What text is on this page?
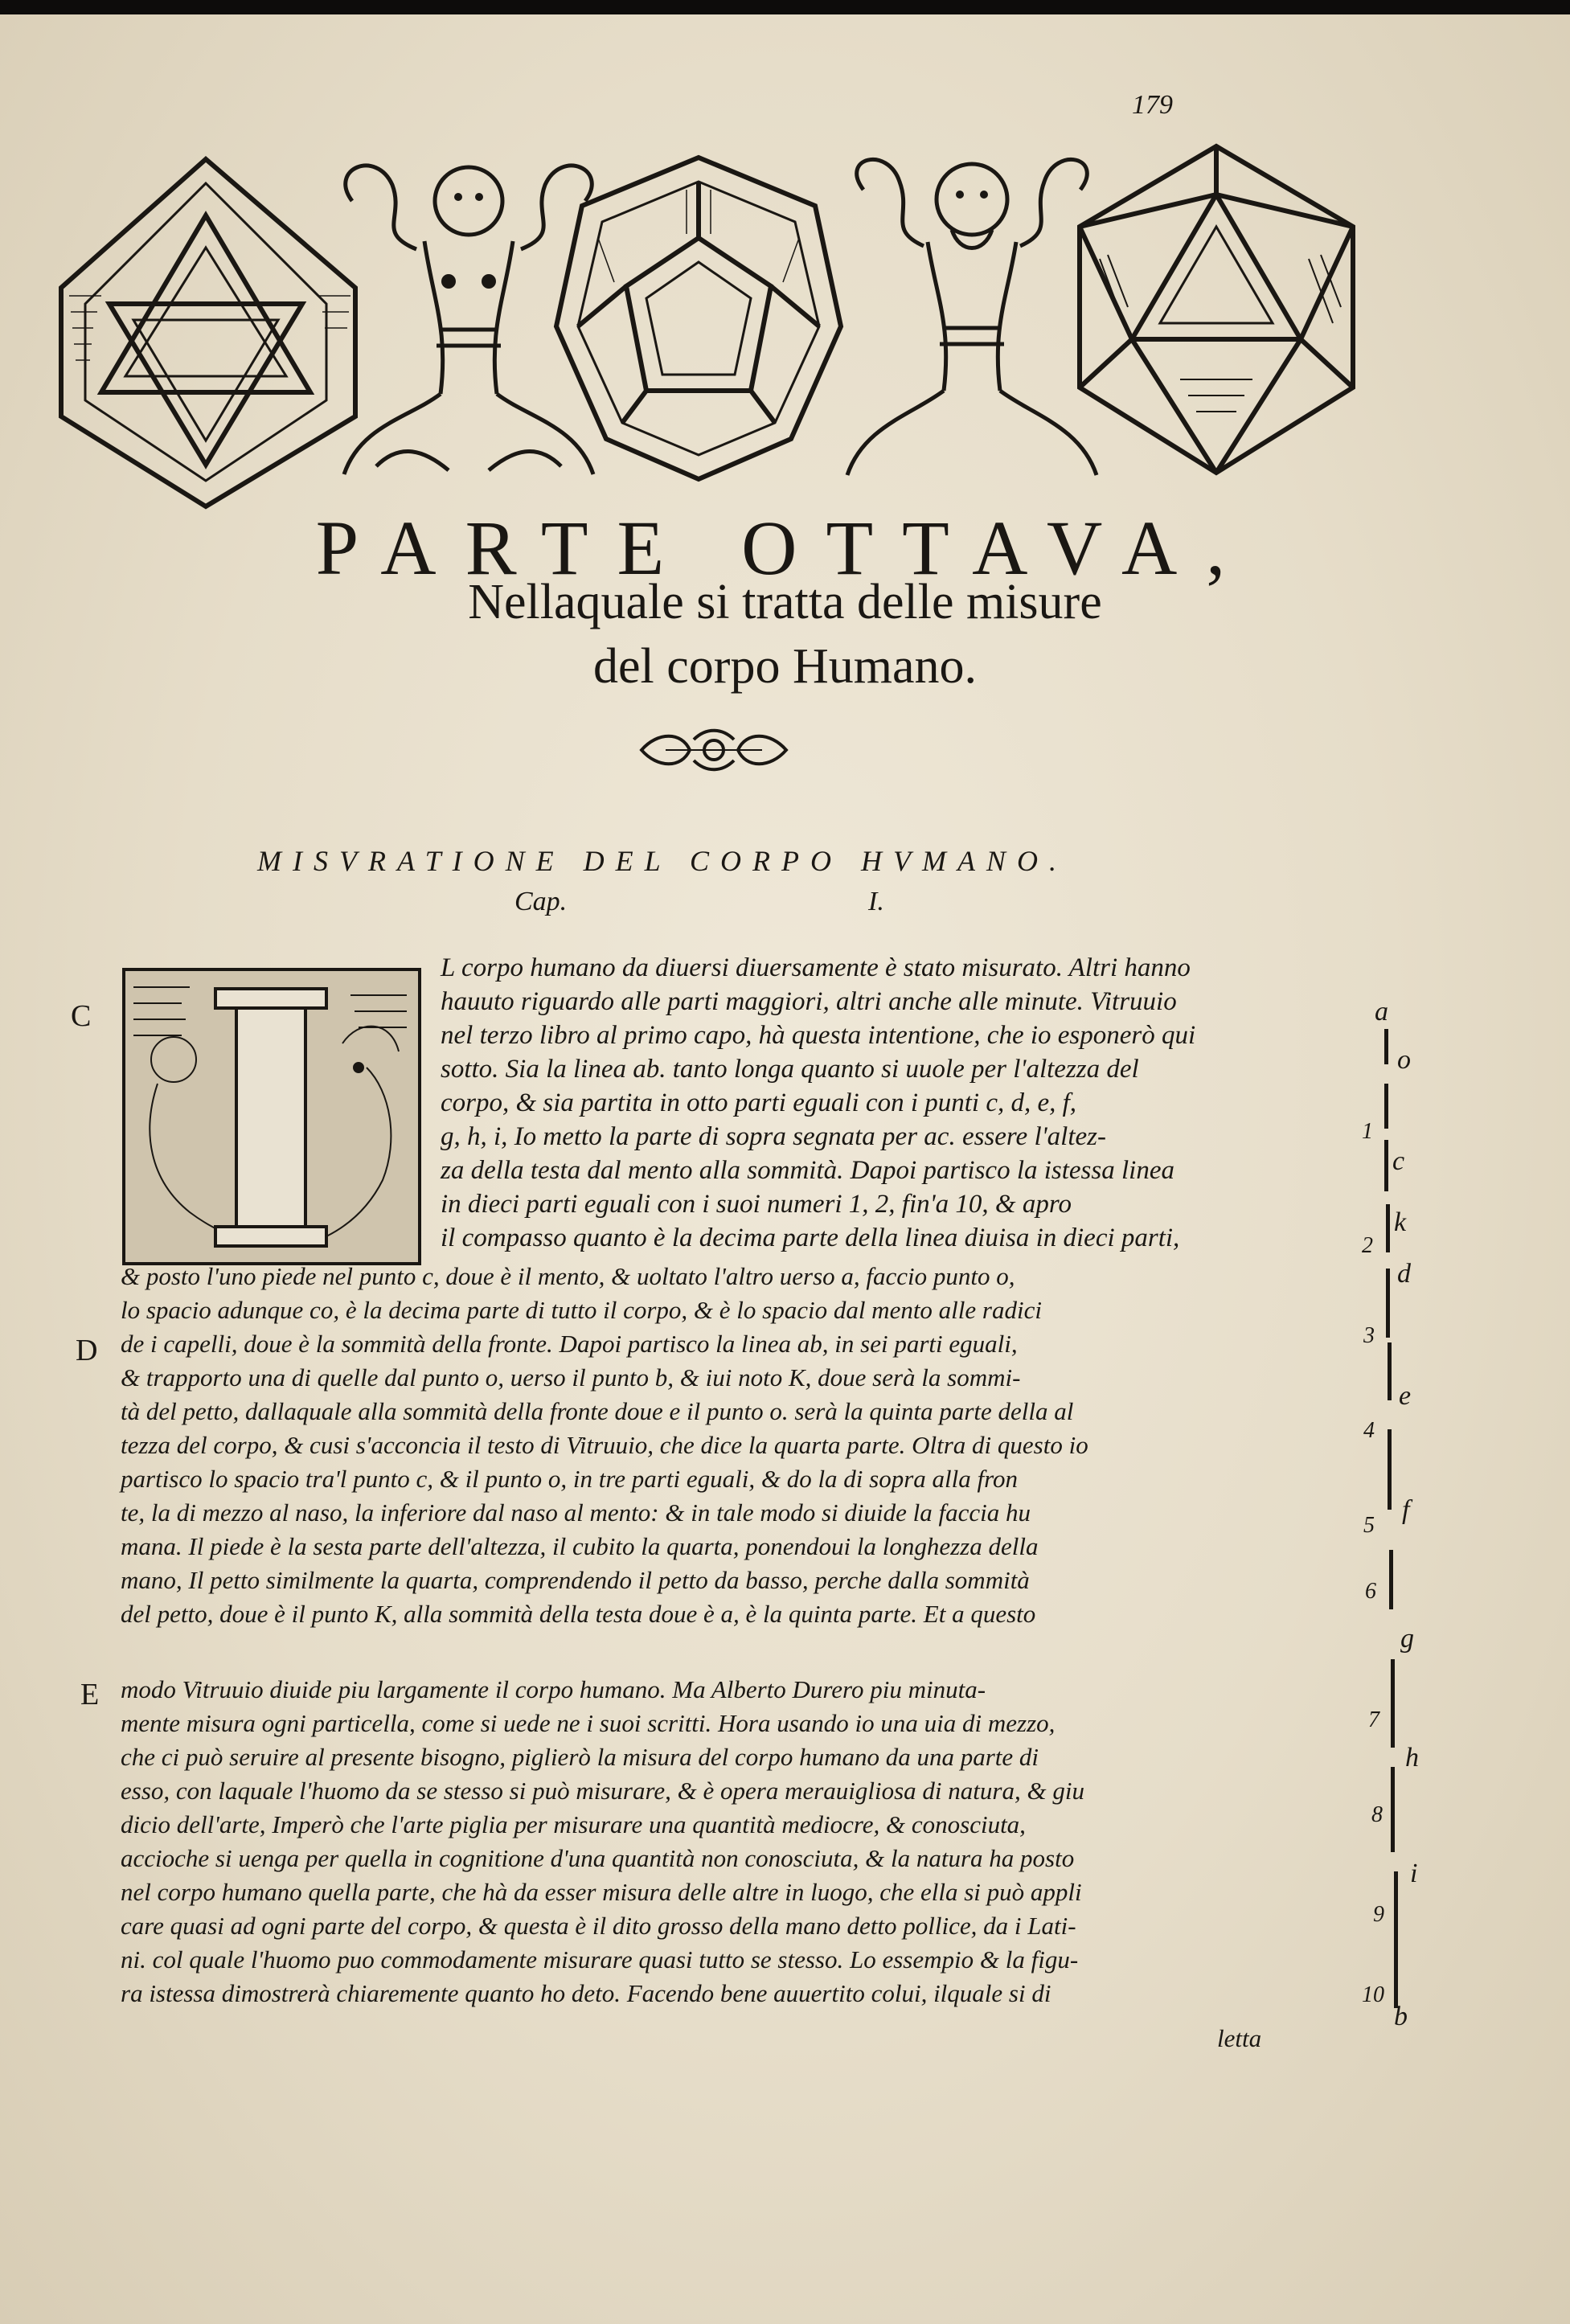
179
PARTE OTTAVA,
Nellaquale si tratta delle misure
del corpo Humano.
MISVRATIONE DEL CORPO HVMANO.
Cap.	I.
C
D
E
L corpo humano da diuersi diuersamente è stato misurato. Altri hanno
hauuto riguardo alle parti maggiori, altri anche alle minute. Vitruuio
nel terzo libro al primo capo, hà questa intentione, che io esponerò qui
sotto. Sia la linea ab. tanto longa quanto si uuole per l'altezza del
corpo, & sia partita in otto parti eguali con i punti c, d, e, f,
g, h, i, Io metto la parte di sopra segnata per ac. essere l'altez-
za della testa dal mento alla sommità. Dapoi partisco la istessa linea
in dieci parti eguali con i suoi numeri 1, 2, fin'a 10, & apro
il compasso quanto è la decima parte della linea diuisa in dieci parti,
& posto l'uno piede nel punto c, doue è il mento, & uoltato l'altro uerso a, faccio punto o,
lo spacio adunque co, è la decima parte di tutto il corpo, & è lo spacio dal mento alle radici
de i capelli, doue è la sommità della fronte. Dapoi partisco la linea ab, in sei parti eguali,
& trapporto una di quelle dal punto o, uerso il punto b, & iui noto K, doue serà la sommi-
tà del petto, dallaquale alla sommità della fronte doue e il punto o. serà la quinta parte della al
tezza del corpo, & cusi s'acconcia il testo di Vitruuio, che dice la quarta parte. Oltra di questo io
partisco lo spacio tra'l punto c, & il punto o, in tre parti eguali, & do la di sopra alla fron
te, la di mezzo al naso, la inferiore dal naso al mento: & in tale modo si diuide la faccia hu
mana. Il piede è la sesta parte dell'altezza, il cubito la quarta, ponendoui la longhezza della
mano, Il petto similmente la quarta, comprendendo il petto da basso, perche dalla sommità
del petto, doue è il punto K, alla sommità della testa doue è a, è la quinta parte. Et a questo
modo Vitruuio diuide piu largamente il corpo humano. Ma Alberto Durero piu minuta-
mente misura ogni particella, come si uede ne i suoi scritti. Hora usando io una uia di mezzo,
che ci può seruire al presente bisogno, piglierò la misura del corpo humano da una parte di
esso, con laquale l'huomo da se stesso si può misurare, & è opera merauigliosa di natura, & giu
dicio dell'arte, Imperò che l'arte piglia per misurare una quantità mediocre, & conosciuta,
accioche si uenga per quella in cognitione d'una quantità non conosciuta, & la natura ha posto
nel corpo humano quella parte, che hà da esser misura delle altre in luogo, che ella si può appli
care quasi ad ogni parte del corpo, & questa è il dito grosso della mano detto pollice, da i Lati-
ni. col quale l'huomo puo commodamente misurare quasi tutto se stesso. Lo essempio & la figu-
ra istessa dimostrerà chiaremente quanto ho deto. Facendo bene auuertito colui, ilquale si di
letta
1
2
3
4
5
6
7
8
9
10
a
o
c
k
d
e
f
g
h
i
b
